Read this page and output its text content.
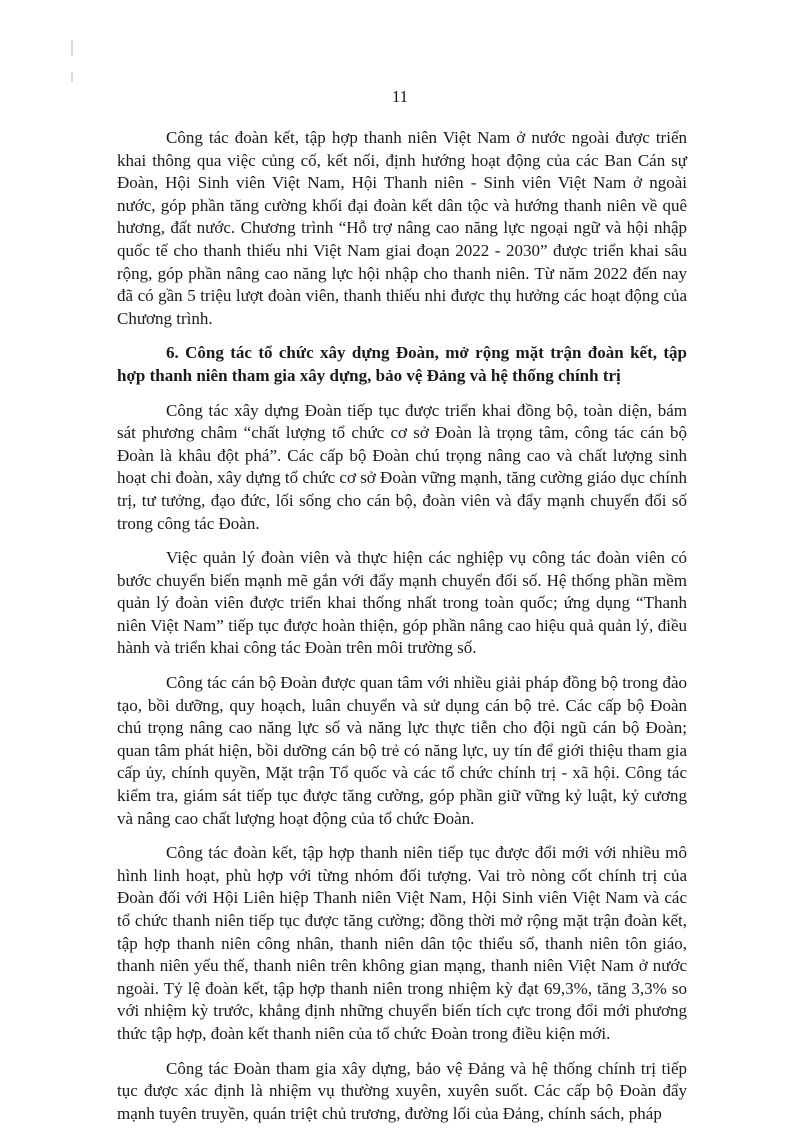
11

Công tác đoàn kết, tập hợp thanh niên Việt Nam ở nước ngoài được triển khai thông qua việc củng cố, kết nối, định hướng hoạt động của các Ban Cán sự Đoàn, Hội Sinh viên Việt Nam, Hội Thanh niên - Sinh viên Việt Nam ở ngoài nước, góp phần tăng cường khối đại đoàn kết dân tộc và hướng thanh niên về quê hương, đất nước. Chương trình “Hỗ trợ nâng cao năng lực ngoại ngữ và hội nhập quốc tế cho thanh thiếu nhi Việt Nam giai đoạn 2022 - 2030” được triển khai sâu rộng, góp phần nâng cao năng lực hội nhập cho thanh niên. Từ năm 2022 đến nay đã có gần 5 triệu lượt đoàn viên, thanh thiếu nhi được thụ hưởng các hoạt động của Chương trình.

6. Công tác tổ chức xây dựng Đoàn, mở rộng mặt trận đoàn kết, tập hợp thanh niên tham gia xây dựng, bảo vệ Đảng và hệ thống chính trị

Công tác xây dựng Đoàn tiếp tục được triển khai đồng bộ, toàn diện, bám sát phương châm “chất lượng tổ chức cơ sở Đoàn là trọng tâm, công tác cán bộ Đoàn là khâu đột phá”. Các cấp bộ Đoàn chú trọng nâng cao và chất lượng sinh hoạt chi đoàn, xây dựng tổ chức cơ sở Đoàn vững mạnh, tăng cường giáo dục chính trị, tư tưởng, đạo đức, lối sống cho cán bộ, đoàn viên và đẩy mạnh chuyển đổi số trong công tác Đoàn.

Việc quản lý đoàn viên và thực hiện các nghiệp vụ công tác đoàn viên có bước chuyển biến mạnh mẽ gắn với đẩy mạnh chuyển đổi số. Hệ thống phần mềm quản lý đoàn viên được triển khai thống nhất trong toàn quốc; ứng dụng “Thanh niên Việt Nam” tiếp tục được hoàn thiện, góp phần nâng cao hiệu quả quản lý, điều hành và triển khai công tác Đoàn trên môi trường số.

Công tác cán bộ Đoàn được quan tâm với nhiều giải pháp đồng bộ trong đào tạo, bồi dưỡng, quy hoạch, luân chuyển và sử dụng cán bộ trẻ. Các cấp bộ Đoàn chú trọng nâng cao năng lực số và năng lực thực tiễn cho đội ngũ cán bộ Đoàn; quan tâm phát hiện, bồi dưỡng cán bộ trẻ có năng lực, uy tín để giới thiệu tham gia cấp ủy, chính quyền, Mặt trận Tổ quốc và các tổ chức chính trị - xã hội. Công tác kiểm tra, giám sát tiếp tục được tăng cường, góp phần giữ vững kỷ luật, kỷ cương và nâng cao chất lượng hoạt động của tổ chức Đoàn.

Công tác đoàn kết, tập hợp thanh niên tiếp tục được đổi mới với nhiều mô hình linh hoạt, phù hợp với từng nhóm đối tượng. Vai trò nòng cốt chính trị của Đoàn đối với Hội Liên hiệp Thanh niên Việt Nam, Hội Sinh viên Việt Nam và các tổ chức thanh niên tiếp tục được tăng cường; đồng thời mở rộng mặt trận đoàn kết, tập hợp thanh niên công nhân, thanh niên dân tộc thiểu số, thanh niên tôn giáo, thanh niên yếu thế, thanh niên trên không gian mạng, thanh niên Việt Nam ở nước ngoài. Tỷ lệ đoàn kết, tập hợp thanh niên trong nhiệm kỳ đạt 69,3%, tăng 3,3% so với nhiệm kỳ trước, khẳng định những chuyển biến tích cực trong đổi mới phương thức tập hợp, đoàn kết thanh niên của tổ chức Đoàn trong điều kiện mới.

Công tác Đoàn tham gia xây dựng, bảo vệ Đảng và hệ thống chính trị tiếp tục được xác định là nhiệm vụ thường xuyên, xuyên suốt. Các cấp bộ Đoàn đẩy mạnh tuyên truyền, quán triệt chủ trương, đường lối của Đảng, chính sách, pháp
